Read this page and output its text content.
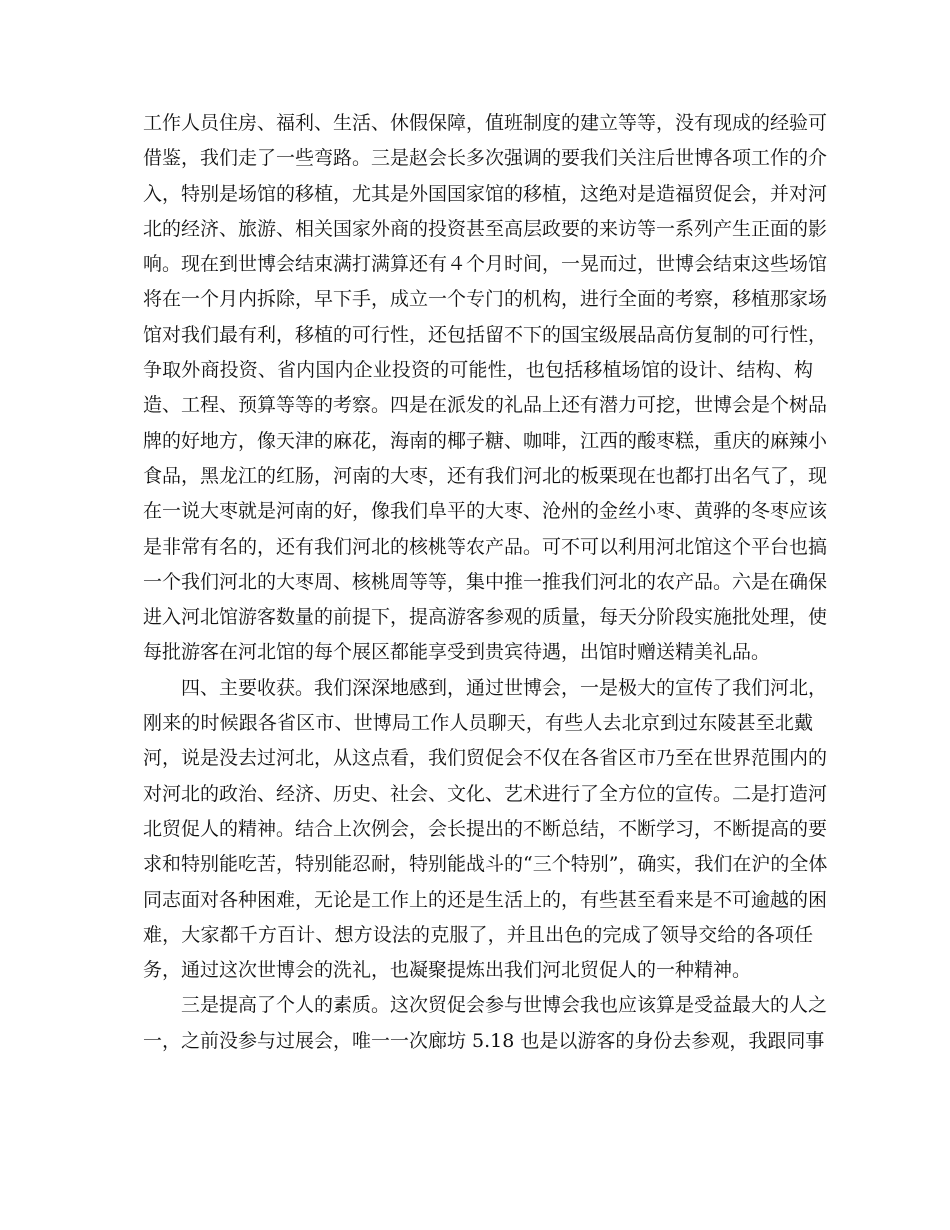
工作人员住房、福利、生活、休假保障，值班制度的建立等等，没有现成的经验可
借鉴，我们走了一些弯路。三是赵会长多次强调的要我们关注后世博各项工作的介
入，特别是场馆的移植，尤其是外国国家馆的移植，这绝对是造福贸促会，并对河
北的经济、旅游、相关国家外商的投资甚至高层政要的来访等一系列产生正面的影
响。现在到世博会结束满打满算还有４个月时间，一晃而过，世博会结束这些场馆
将在一个月内拆除，早下手，成立一个专门的机构，进行全面的考察，移植那家场
馆对我们最有利，移植的可行性，还包括留不下的国宝级展品高仿复制的可行性，
争取外商投资、省内国内企业投资的可能性，也包括移植场馆的设计、结构、构
造、工程、预算等等的考察。四是在派发的礼品上还有潜力可挖，世博会是个树品
牌的好地方，像天津的麻花，海南的椰子糖、咖啡，江西的酸枣糕，重庆的麻辣小
食品，黑龙江的红肠，河南的大枣，还有我们河北的板栗现在也都打出名气了，现
在一说大枣就是河南的好，像我们阜平的大枣、沧州的金丝小枣、黄骅的冬枣应该
是非常有名的，还有我们河北的核桃等农产品。可不可以利用河北馆这个平台也搞
一个我们河北的大枣周、核桃周等等，集中推一推我们河北的农产品。六是在确保
进入河北馆游客数量的前提下，提高游客参观的质量，每天分阶段实施批处理，使
每批游客在河北馆的每个展区都能享受到贵宾待遇，出馆时赠送精美礼品。
四、主要收获。我们深深地感到，通过世博会，一是极大的宣传了我们河北，
刚来的时候跟各省区市、世博局工作人员聊天，有些人去北京到过东陵甚至北戴
河，说是没去过河北，从这点看，我们贸促会不仅在各省区市乃至在世界范围内的
对河北的政治、经济、历史、社会、文化、艺术进行了全方位的宣传。二是打造河
北贸促人的精神。结合上次例会，会长提出的不断总结，不断学习，不断提高的要
求和特别能吃苦，特别能忍耐，特别能战斗的“三个特别”，确实，我们在沪的全体
同志面对各种困难，无论是工作上的还是生活上的，有些甚至看来是不可逾越的困
难，大家都千方百计、想方设法的克服了，并且出色的完成了领导交给的各项任
务，通过这次世博会的洗礼，也凝聚提炼出我们河北贸促人的一种精神。
三是提高了个人的素质。这次贸促会参与世博会我也应该算是受益最大的人之
一，之前没参与过展会，唯一一次廊坊 5.18 也是以游客的身份去参观，我跟同事
